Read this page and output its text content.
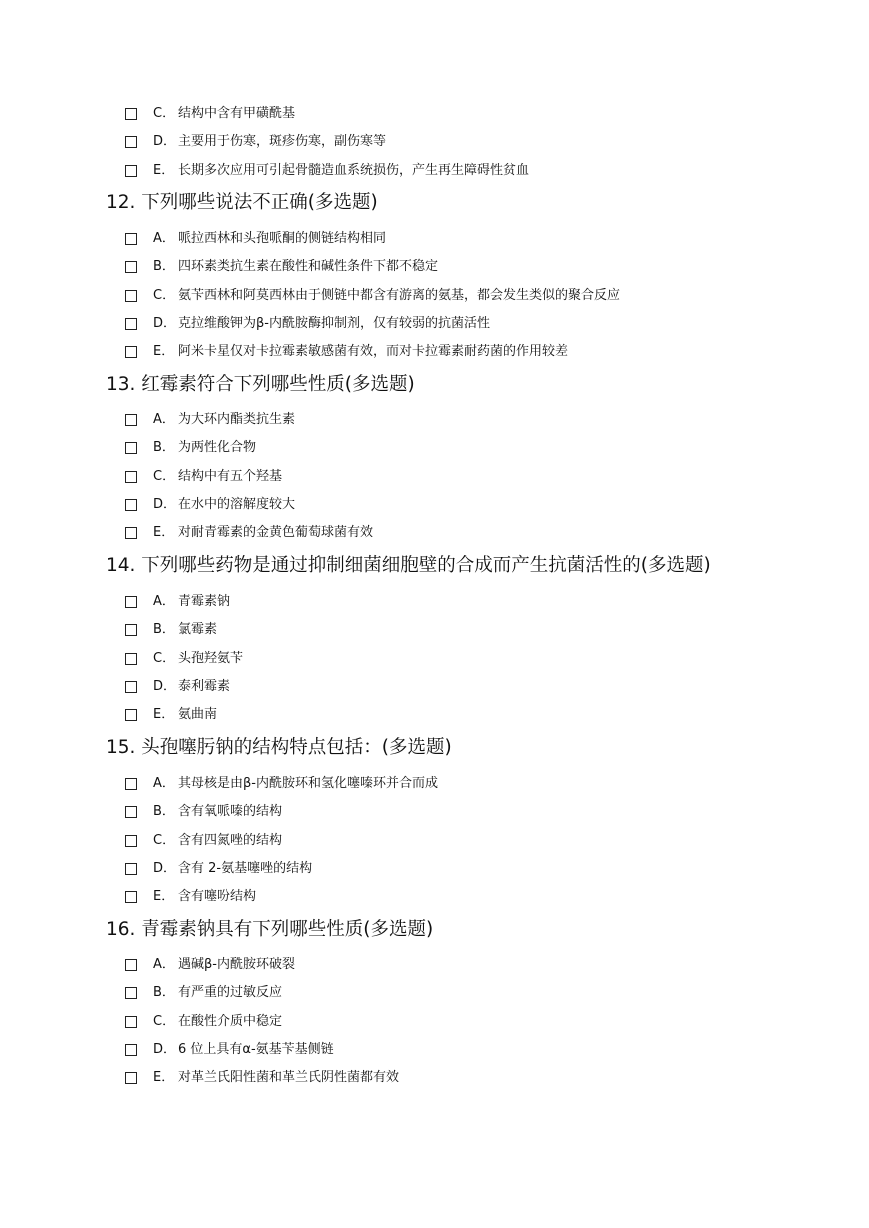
C． 结构中含有甲磺酰基
D． 主要用于伤寒，斑疹伤寒，副伤寒等
E． 长期多次应用可引起骨髓造血系统损伤，产生再生障碍性贫血
12. 下列哪些说法不正确(多选题)
A． 哌拉西林和头孢哌酮的侧链结构相同
B． 四环素类抗生素在酸性和碱性条件下都不稳定
C． 氨苄西林和阿莫西林由于侧链中都含有游离的氨基，都会发生类似的聚合反应
D． 克拉维酸钾为β-内酰胺酶抑制剂，仅有较弱的抗菌活性
E． 阿米卡星仅对卡拉霉素敏感菌有效，而对卡拉霉素耐药菌的作用较差
13. 红霉素符合下列哪些性质(多选题)
A． 为大环内酯类抗生素
B． 为两性化合物
C． 结构中有五个羟基
D． 在水中的溶解度较大
E． 对耐青霉素的金黄色葡萄球菌有效
14. 下列哪些药物是通过抑制细菌细胞壁的合成而产生抗菌活性的(多选题)
A． 青霉素钠
B． 氯霉素
C． 头孢羟氨苄
D． 泰利霉素
E． 氨曲南
15. 头孢噻肟钠的结构特点包括：(多选题)
A． 其母核是由β-内酰胺环和氢化噻嗪环并合而成
B． 含有氧哌嗪的结构
C． 含有四氮唑的结构
D． 含有 2-氨基噻唑的结构
E． 含有噻吩结构
16. 青霉素钠具有下列哪些性质(多选题)
A． 遇碱β-内酰胺环破裂
B． 有严重的过敏反应
C． 在酸性介质中稳定
D． 6 位上具有α-氨基苄基侧链
E． 对革兰氏阳性菌和革兰氏阴性菌都有效
